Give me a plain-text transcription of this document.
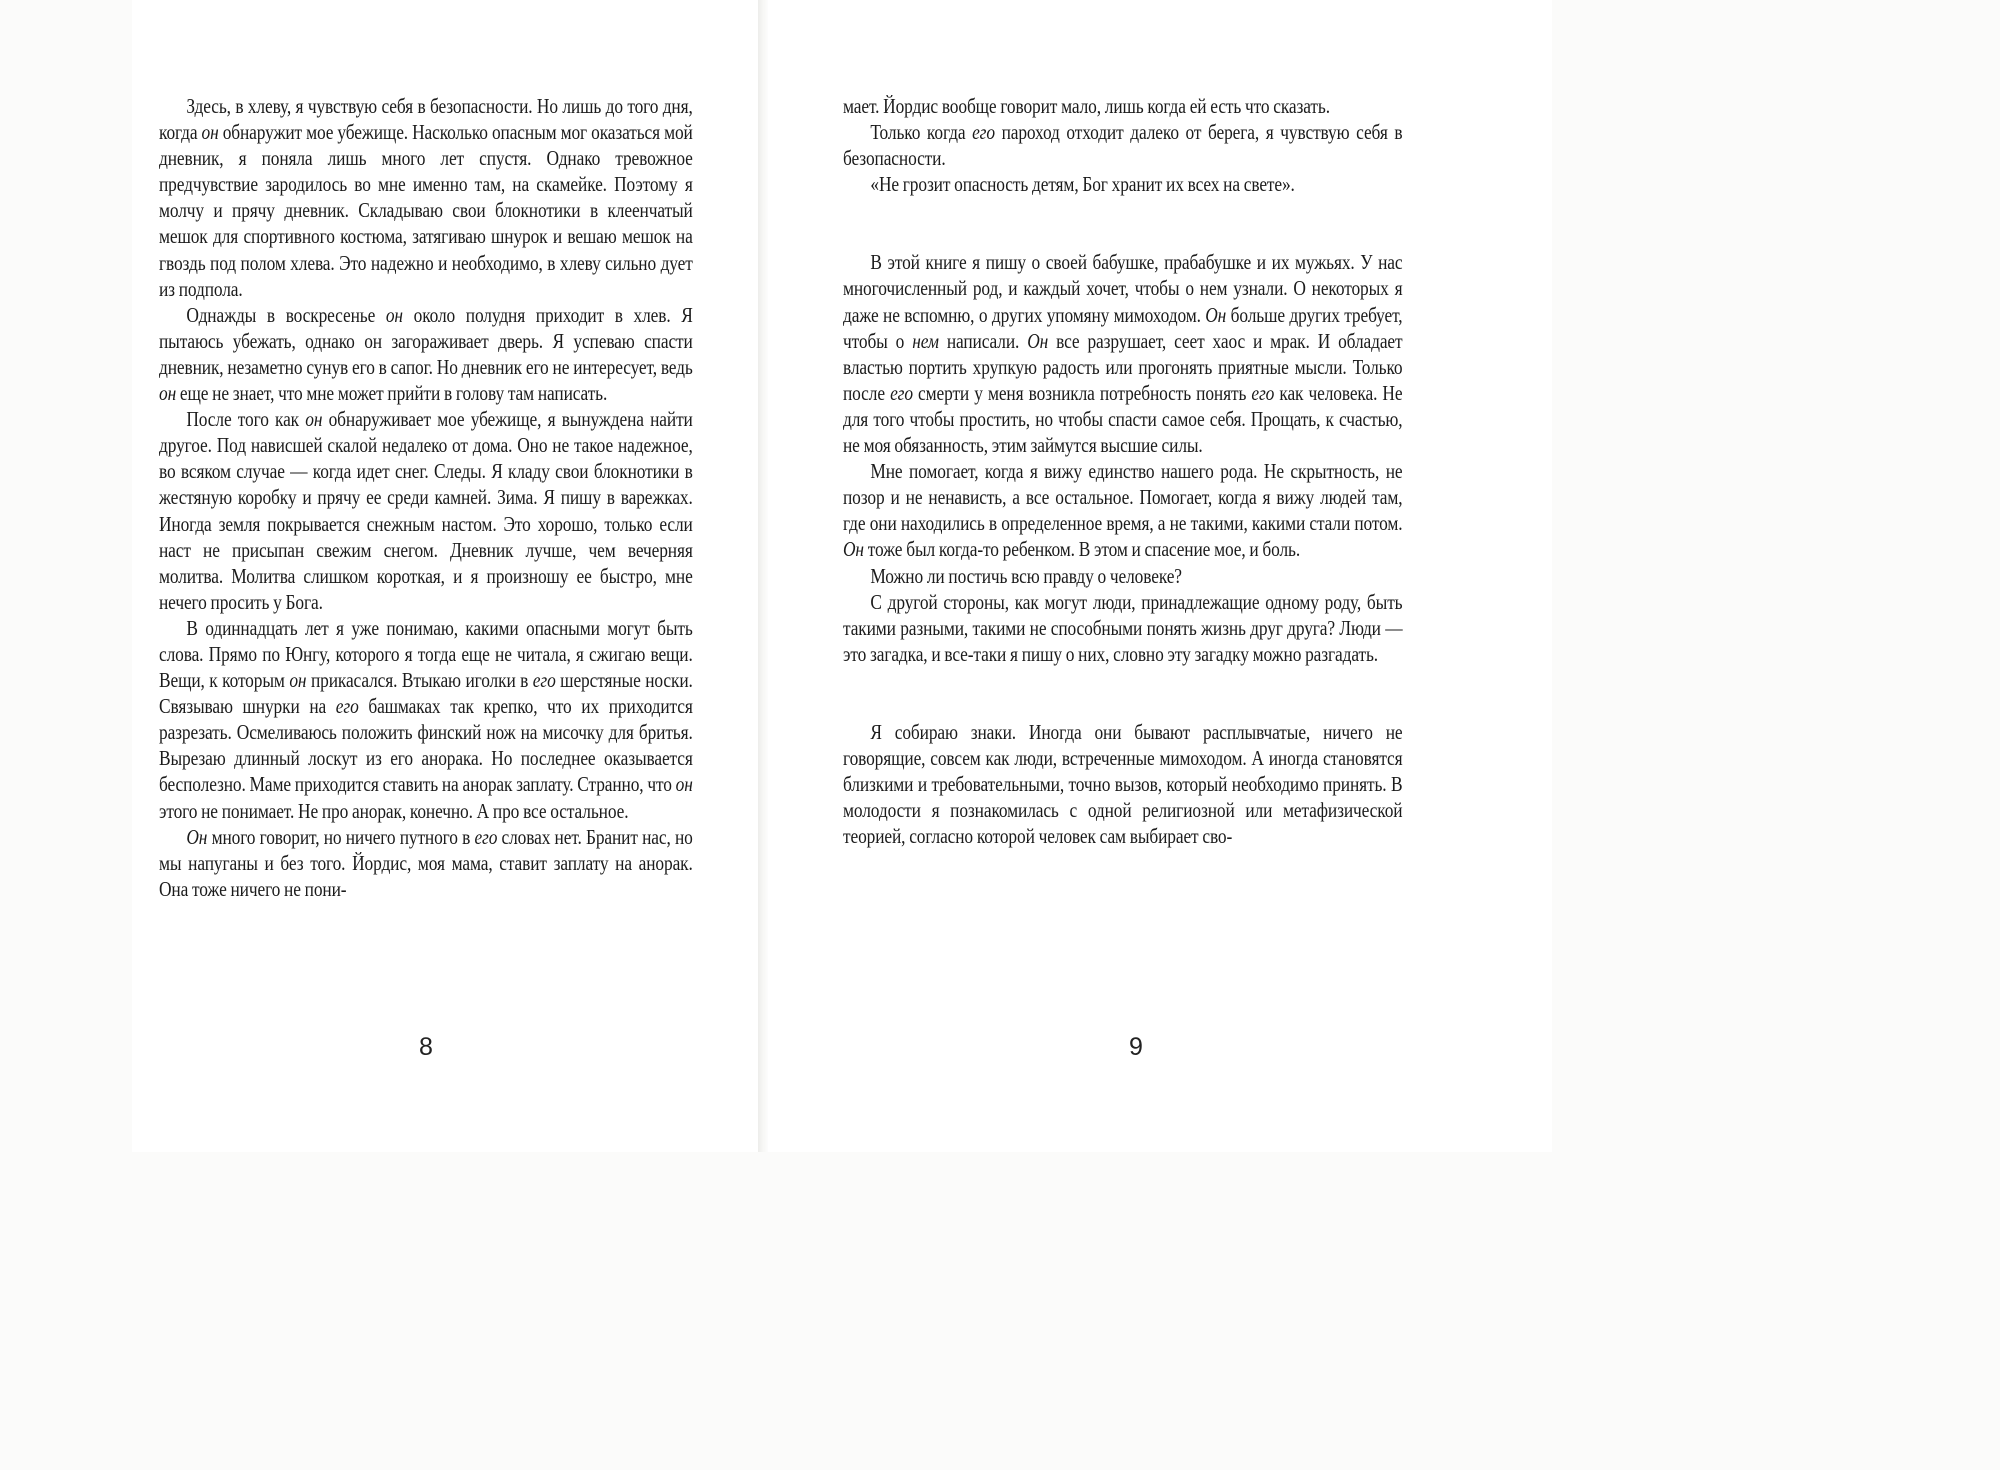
Здесь, в хлеву, я чувствую себя в безопасности. Но лишь до того дня, когда он обнаружит мое убежище. Насколько опасным мог оказаться мой дневник, я поняла лишь много лет спустя. Однако тревожное предчувствие зародилось во мне именно там, на скамейке. Поэтому я молчу и прячу дневник. Складываю свои блокнотики в клеенчатый мешок для спортивного костюма, затягиваю шнурок и вешаю мешок на гвоздь под полом хлева. Это надежно и необходимо, в хлеву сильно дует из подпола.

Однажды в воскресенье он около полудня приходит в хлев. Я пытаюсь убежать, однако он загораживает дверь. Я успеваю спасти дневник, незаметно сунув его в сапог. Но дневник его не интересует, ведь он еще не знает, что мне может прийти в голову там написать.

После того как он обнаруживает мое убежище, я вынуждена найти другое. Под нависшей скалой недалеко от дома. Оно не такое надежное, во всяком случае — когда идет снег. Следы. Я кладу свои блокнотики в жестяную коробку и прячу ее среди камней. Зима. Я пишу в варежках. Иногда земля покрывается снежным настом. Это хорошо, только если наст не присыпан свежим снегом. Дневник лучше, чем вечерняя молитва. Молитва слишком короткая, и я произношу ее быстро, мне нечего просить у Бога.

В одиннадцать лет я уже понимаю, какими опасными могут быть слова. Прямо по Юнгу, которого я тогда еще не читала, я сжигаю вещи. Вещи, к которым он прикасался. Втыкаю иголки в его шерстяные носки. Связываю шнурки на его башмаках так крепко, что их приходится разрезать. Осмеливаюсь положить финский нож на мисочку для бритья. Вырезаю длинный лоскут из его анорака. Но последнее оказывается бесполезно. Маме приходится ставить на анорак заплату. Странно, что он этого не понимает. Не про анорак, конечно. А про все остальное.

Он много говорит, но ничего путного в его словах нет. Бранит нас, но мы напуганы и без того. Йордис, моя мама, ставит заплату на анорак. Она тоже ничего не пони-

8

мает. Йордис вообще говорит мало, лишь когда ей есть что сказать.

Только когда его пароход отходит далеко от берега, я чувствую себя в безопасности.

«Не грозит опасность детям, Бог хранит их всех на свете».

В этой книге я пишу о своей бабушке, прабабушке и их мужьях. У нас многочисленный род, и каждый хочет, чтобы о нем узнали. О некоторых я даже не вспомню, о других упомяну мимоходом. Он больше других требует, чтобы о нем написали. Он все разрушает, сеет хаос и мрак. И обладает властью портить хрупкую радость или прогонять приятные мысли. Только после его смерти у меня возникла потребность понять его как человека. Не для того чтобы простить, но чтобы спасти самое себя. Прощать, к счастью, не моя обязанность, этим займутся высшие силы.

Мне помогает, когда я вижу единство нашего рода. Не скрытность, не позор и не ненависть, а все остальное. Помогает, когда я вижу людей там, где они находились в определенное время, а не такими, какими стали потом. Он тоже был когда-то ребенком. В этом и спасение мое, и боль.

Можно ли постичь всю правду о человеке?

С другой стороны, как могут люди, принадлежащие одному роду, быть такими разными, такими не способными понять жизнь друг друга? Люди — это загадка, и все-таки я пишу о них, словно эту загадку можно разгадать.

Я собираю знаки. Иногда они бывают расплывчатые, ничего не говорящие, совсем как люди, встреченные мимоходом. А иногда становятся близкими и требовательными, точно вызов, который необходимо принять. В молодости я познакомилась с одной религиозной или метафизической теорией, согласно которой человек сам выбирает сво-

9
